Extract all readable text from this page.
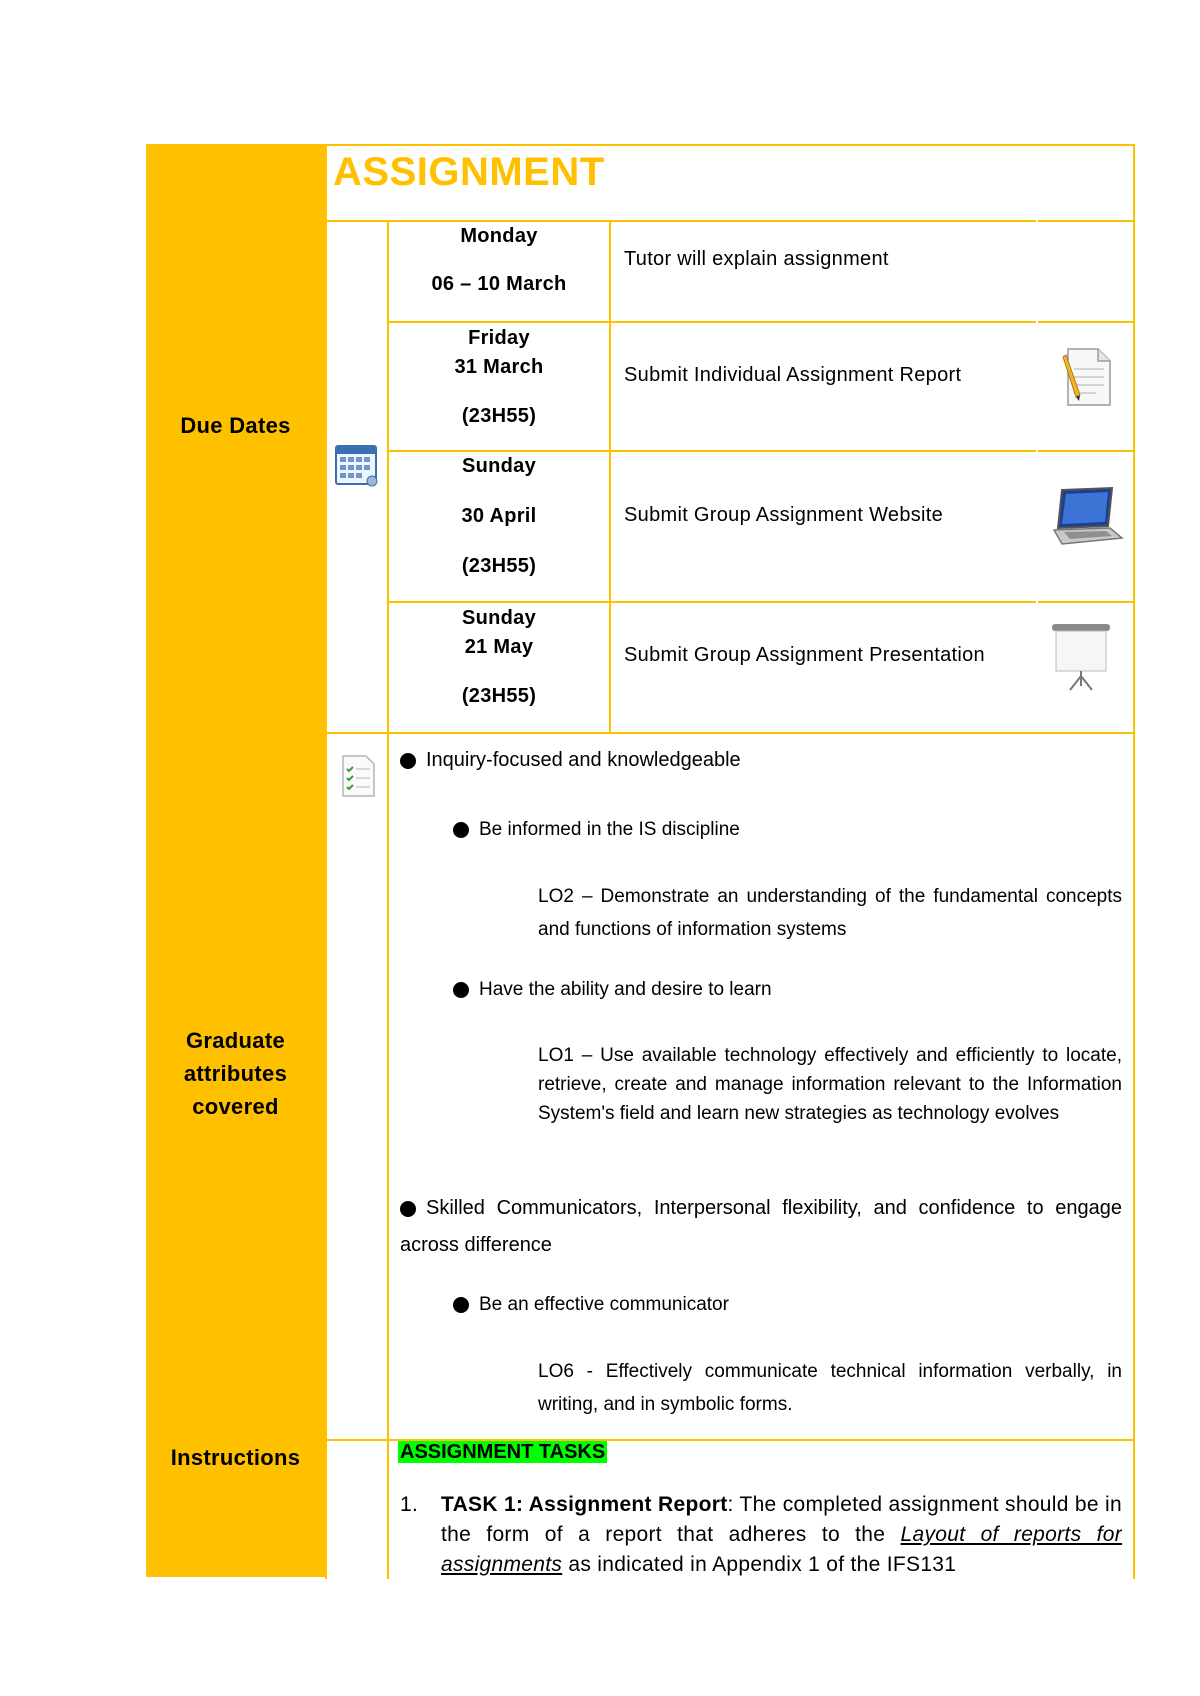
Due Dates
Graduate
attributes
covered
Instructions
ASSIGNMENT
Monday
06 – 10 March
Tutor will explain assignment
Friday
31 March
(23H55)
Submit Individual Assignment Report
Sunday
30 April
(23H55)
Submit Group Assignment Website
Sunday
21 May
(23H55)
Submit Group Assignment Presentation
Inquiry-focused and knowledgeable
Be informed in the IS discipline
LO2 – Demonstrate an understanding of the fundamental concepts and functions of information systems
Have the ability and desire to learn
LO1 – Use available technology effectively and efficiently to locate, retrieve, create and manage information relevant to the Information System's field and learn new strategies as technology evolves
Skilled Communicators, Interpersonal flexibility, and confidence to engage across difference
Be an effective communicator
LO6 - Effectively communicate technical information verbally, in writing, and in symbolic forms.
ASSIGNMENT TASKS
1.	TASK 1: Assignment Report: The completed assignment should be in the form of a report that adheres to the Layout of reports for assignments as indicated in Appendix 1 of the IFS131
